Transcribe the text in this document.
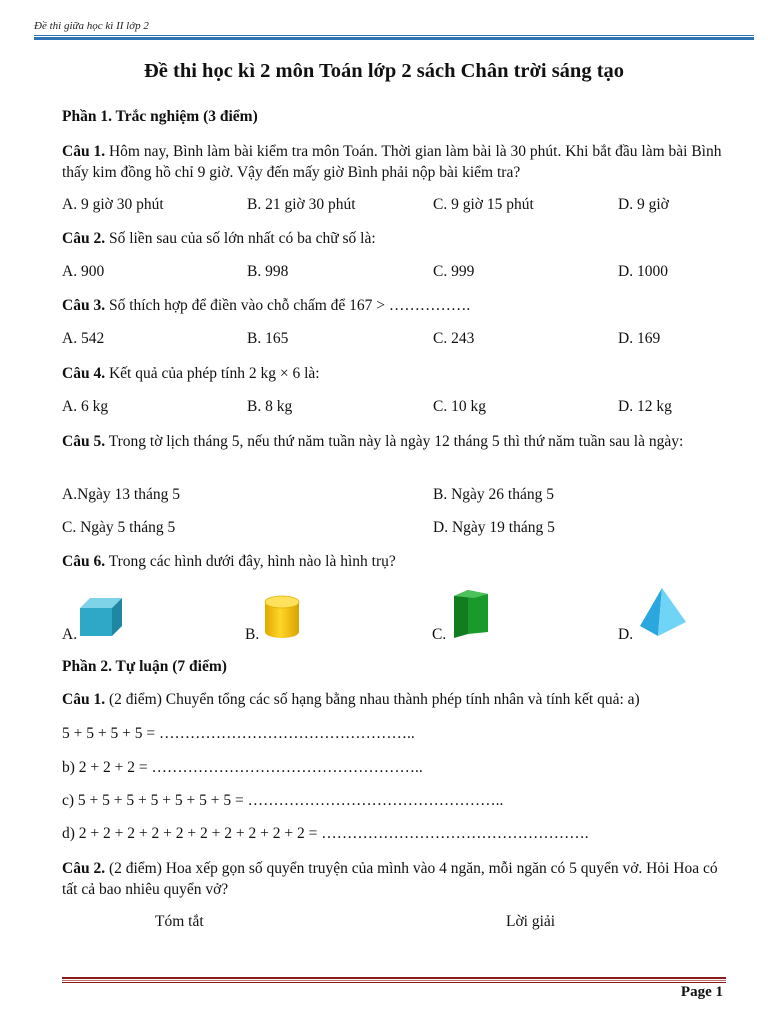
Đề thi giữa học kì II lớp 2
Đề thi học kì 2 môn Toán lớp 2 sách Chân trời sáng tạo
Phần 1. Trắc nghiệm (3 điểm)
Câu 1. Hôm nay, Bình làm bài kiểm tra môn Toán. Thời gian làm bài là 30 phút. Khi bắt đầu làm bài Bình thấy kim đồng hồ chỉ 9 giờ. Vậy đến mấy giờ Bình phải nộp bài kiểm tra?
A. 9 giờ 30 phút	B. 21 giờ 30 phút	C. 9 giờ 15 phút	D. 9 giờ
Câu 2. Số liền sau của số lớn nhất có ba chữ số là:
A. 900	B. 998	C. 999	D. 1000
Câu 3. Số thích hợp để điền vào chỗ chấm để 167 > …………….
A. 542	B. 165	C. 243	D. 169
Câu 4. Kết quả của phép tính 2 kg × 6 là:
A. 6 kg	B. 8 kg	C. 10 kg	D. 12 kg
Câu 5. Trong tờ lịch tháng 5, nếu thứ năm tuần này là ngày 12 tháng 5 thì thứ năm tuần sau là ngày:
A.Ngày 13 tháng 5	B. Ngày 26 tháng 5
C. Ngày 5 tháng 5	D. Ngày 19 tháng 5
Câu 6. Trong các hình dưới đây, hình nào là hình trụ?
A.	B.	C.	D.
Phần 2. Tự luận (7 điểm)
Câu 1. (2 điểm) Chuyển tổng các số hạng bằng nhau thành phép tính nhân và tính kết quả: a)
5 + 5 + 5 + 5 = …………………………………………..
b) 2 + 2 + 2 = ……………………………………………..
c) 5 + 5 + 5 + 5 + 5 + 5 + 5 = …………………………………………..
d) 2 + 2 + 2 + 2 + 2 + 2 + 2 + 2 + 2 + 2 = …………………………………………….
Câu 2. (2 điểm) Hoa xếp gọn số quyển truyện của mình vào 4 ngăn, mỗi ngăn có 5 quyển vở. Hỏi Hoa có tất cả bao nhiêu quyển vở?
Tóm tắt	Lời giải
Page 1
